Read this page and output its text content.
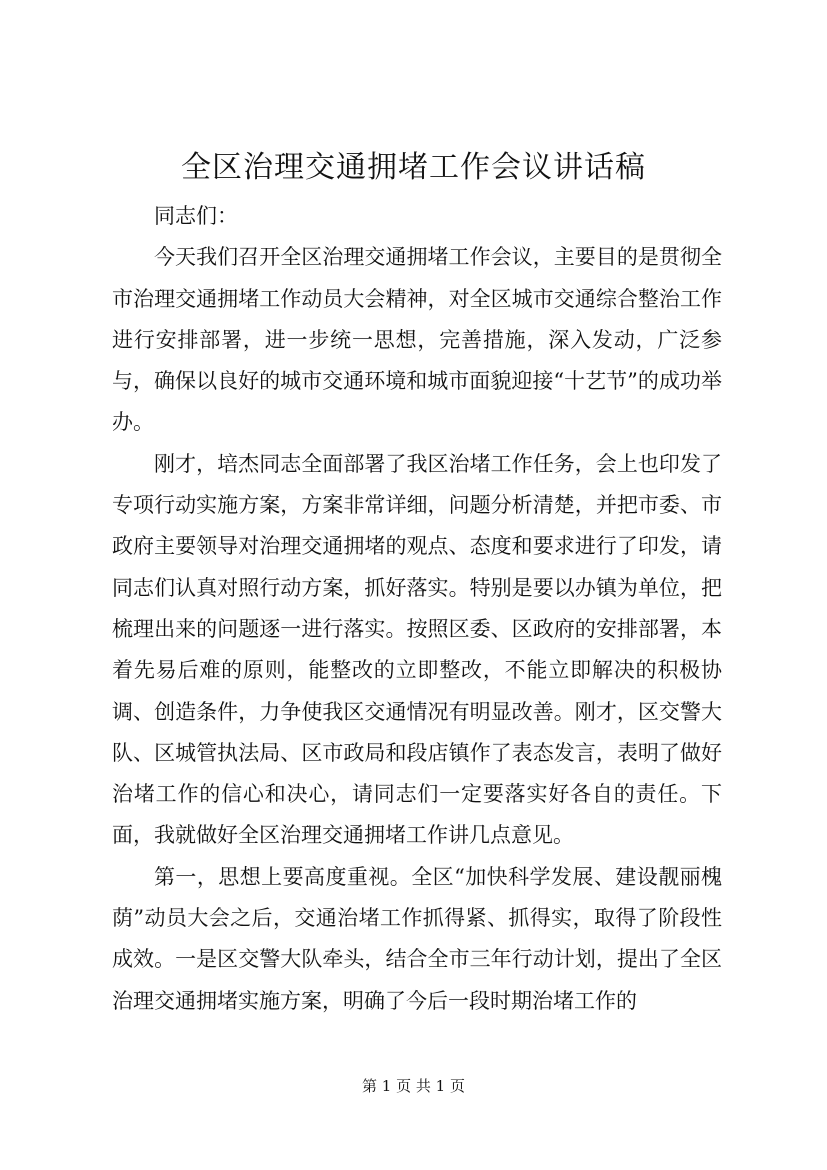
全区治理交通拥堵工作会议讲话稿

同志们：

今天我们召开全区治理交通拥堵工作会议，主要目的是贯彻全市治理交通拥堵工作动员大会精神，对全区城市交通综合整治工作进行安排部署，进一步统一思想，完善措施，深入发动，广泛参与，确保以良好的城市交通环境和城市面貌迎接“十艺节”的成功举办。

刚才，培杰同志全面部署了我区治堵工作任务，会上也印发了专项行动实施方案，方案非常详细，问题分析清楚，并把市委、市政府主要领导对治理交通拥堵的观点、态度和要求进行了印发，请同志们认真对照行动方案，抓好落实。特别是要以办镇为单位，把梳理出来的问题逐一进行落实。按照区委、区政府的安排部署，本着先易后难的原则，能整改的立即整改，不能立即解决的积极协调、创造条件，力争使我区交通情况有明显改善。刚才，区交警大队、区城管执法局、区市政局和段店镇作了表态发言，表明了做好治堵工作的信心和决心，请同志们一定要落实好各自的责任。下面，我就做好全区治理交通拥堵工作讲几点意见。

第一，思想上要高度重视。全区“加快科学发展、建设靓丽槐荫”动员大会之后，交通治堵工作抓得紧、抓得实，取得了阶段性成效。一是区交警大队牵头，结合全市三年行动计划，提出了全区治理交通拥堵实施方案，明确了今后一段时期治堵工作的

第 1 页 共 1 页
